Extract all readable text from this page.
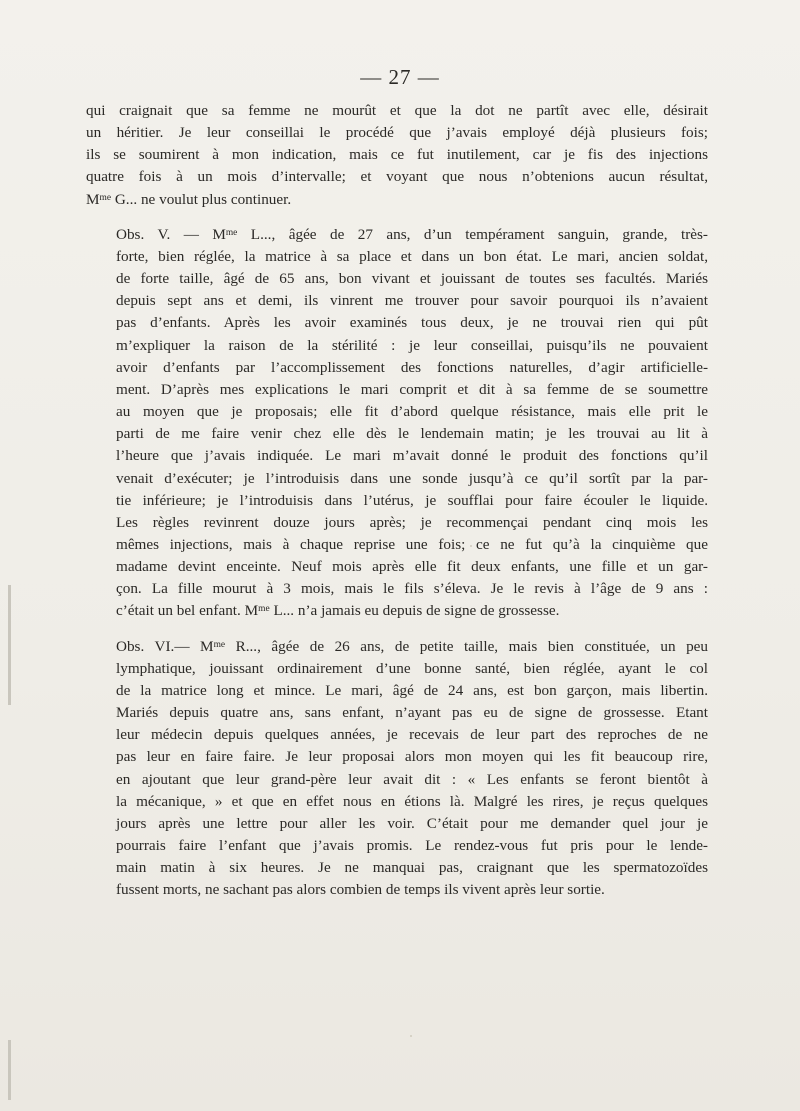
— 27 —

qui craignait que sa femme ne mourût et que la dot ne partît avec elle, désirait
un héritier. Je leur conseillai le procédé que j’avais employé déjà plusieurs fois;
ils se soumirent à mon indication, mais ce fut inutilement, car je fis des injections
quatre fois à un mois d’intervalle; et voyant que nous n’obtenions aucun résultat,
$M^{me}$ G... ne voulut plus continuer.

Obs. V. — $M^{me}$ L..., âgée de 27 ans, d’un tempérament sanguin, grande, très-
forte, bien réglée, la matrice à sa place et dans un bon état. Le mari, ancien soldat,
de forte taille, âgé de 65 ans, bon vivant et jouissant de toutes ses facultés. Mariés
depuis sept ans et demi, ils vinrent me trouver pour savoir pourquoi ils n’avaient
pas d’enfants. Après les avoir examinés tous deux, je ne trouvai rien qui pût
m’expliquer la raison de la stérilité : je leur conseillai, puisqu’ils ne pouvaient
avoir d’enfants par l’accomplissement des fonctions naturelles, d’agir artificielle-
ment. D’après mes explications le mari comprit et dit à sa femme de se soumettre
au moyen que je proposais; elle fit d’abord quelque résistance, mais elle prit le
parti de me faire venir chez elle dès le lendemain matin; je les trouvai au lit à
l’heure que j’avais indiquée. Le mari m’avait donné le produit des fonctions qu’il
venait d’exécuter; je l’introduisis dans une sonde jusqu’à ce qu’il sortît par la par-
tie inférieure; je l’introduisis dans l’utérus, je soufflai pour faire écouler le liquide.
Les règles revinrent douze jours après; je recommençai pendant cinq mois les
mêmes injections, mais à chaque reprise une fois; ce ne fut qu’à la cinquième que
madame devint enceinte. Neuf mois après elle fit deux enfants, une fille et un gar-
çon. La fille mourut à 3 mois, mais le fils s’éleva. Je le revis à l’âge de 9 ans :
c’était un bel enfant. $M^{me}$ L... n’a jamais eu depuis de signe de grossesse.

Obs. VI.— $M^{me}$ R..., âgée de 26 ans, de petite taille, mais bien constituée, un peu
lymphatique, jouissant ordinairement d’une bonne santé, bien réglée, ayant le col
de la matrice long et mince. Le mari, âgé de 24 ans, est bon garçon, mais libertin.
Mariés depuis quatre ans, sans enfant, n’ayant pas eu de signe de grossesse. Etant
leur médecin depuis quelques années, je recevais de leur part des reproches de ne
pas leur en faire faire. Je leur proposai alors mon moyen qui les fit beaucoup rire,
en ajoutant que leur grand-père leur avait dit : « Les enfants se feront bientôt à
la mécanique, » et que en effet nous en étions là. Malgré les rires, je reçus quelques
jours après une lettre pour aller les voir. C’était pour me demander quel jour je
pourrais faire l’enfant que j’avais promis. Le rendez-vous fut pris pour le lende-
main matin à six heures. Je ne manquai pas, craignant que les spermatozoïdes
fussent morts, ne sachant pas alors combien de temps ils vivent après leur sortie.
